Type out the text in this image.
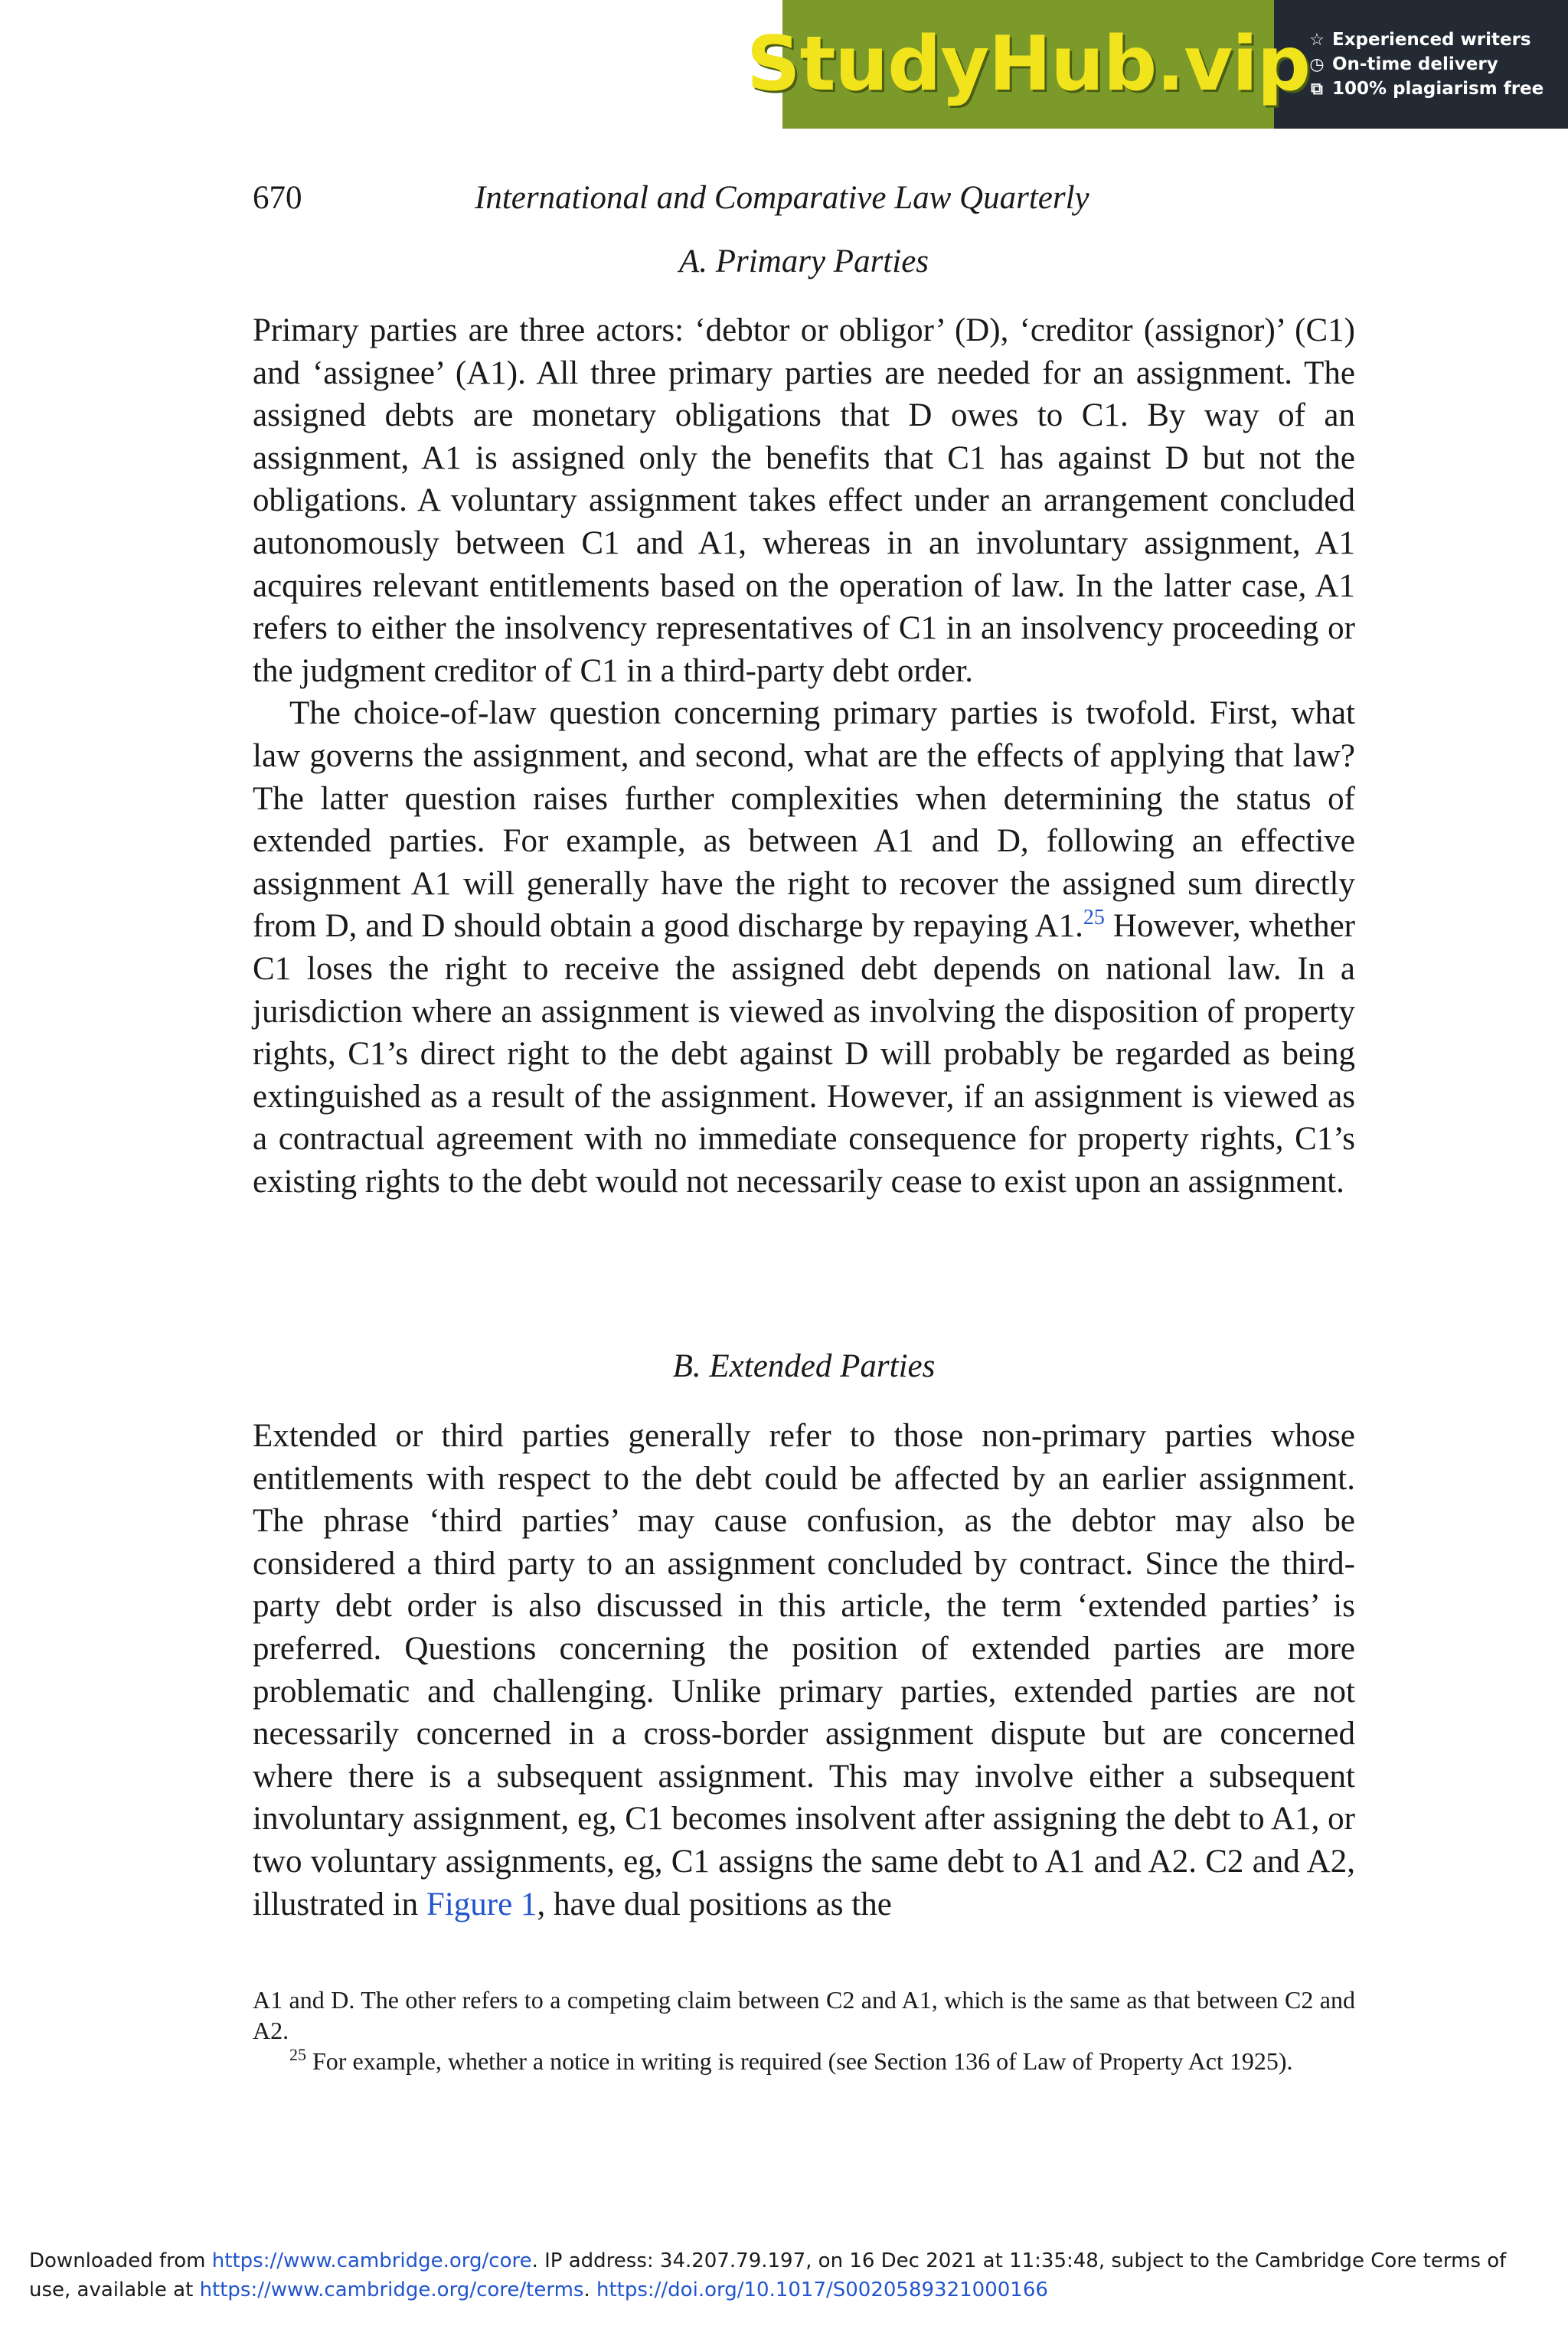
StudyHub.vip ☆ Experienced writers
◷ On-time delivery
⧉ 100% plagiarism free
670	International and Comparative Law Quarterly
A. Primary Parties

Primary parties are three actors: ‘debtor or obligor’ (D), ‘creditor (assignor)’ (C1) and ‘assignee’ (A1). All three primary parties are needed for an assignment. The assigned debts are monetary obligations that D owes to C1. By way of an assignment, A1 is assigned only the benefits that C1 has against D but not the obligations. A voluntary assignment takes effect under an arrangement concluded autonomously between C1 and A1, whereas in an involuntary assignment, A1 acquires relevant entitlements based on the operation of law. In the latter case, A1 refers to either the insolvency representatives of C1 in an insolvency proceeding or the judgment creditor of C1 in a third-party debt order.

The choice-of-law question concerning primary parties is twofold. First, what law governs the assignment, and second, what are the effects of applying that law? The latter question raises further complexities when determining the status of extended parties. For example, as between A1 and D, following an effective assignment A1 will generally have the right to recover the assigned sum directly from D, and D should obtain a good discharge by repaying A1.25 However, whether C1 loses the right to receive the assigned debt depends on national law. In a jurisdiction where an assignment is viewed as involving the disposition of property rights, C1’s direct right to the debt against D will probably be regarded as being extinguished as a result of the assignment. However, if an assignment is viewed as a contractual agreement with no immediate consequence for property rights, C1’s existing rights to the debt would not necessarily cease to exist upon an assignment.

B. Extended Parties

Extended or third parties generally refer to those non-primary parties whose entitlements with respect to the debt could be affected by an earlier assignment. The phrase ‘third parties’ may cause confusion, as the debtor may also be considered a third party to an assignment concluded by contract. Since the third-party debt order is also discussed in this article, the term ‘extended parties’ is preferred. Questions concerning the position of extended parties are more problematic and challenging. Unlike primary parties, extended parties are not necessarily concerned in a cross-border assignment dispute but are concerned where there is a subsequent assignment. This may involve either a subsequent involuntary assignment, eg, C1 becomes insolvent after assigning the debt to A1, or two voluntary assignments, eg, C1 assigns the same debt to A1 and A2. C2 and A2, illustrated in Figure 1, have dual positions as the

A1 and D. The other refers to a competing claim between C2 and A1, which is the same as that between C2 and A2.

$^{25}$ For example, whether a notice in writing is required (see Section 136 of Law of Property Act 1925).

Downloaded from https://www.cambridge.org/core. IP address: 34.207.79.197, on 16 Dec 2021 at 11:35:48, subject to the Cambridge Core terms of use, available at https://www.cambridge.org/core/terms. https://doi.org/10.1017/S0020589321000166
